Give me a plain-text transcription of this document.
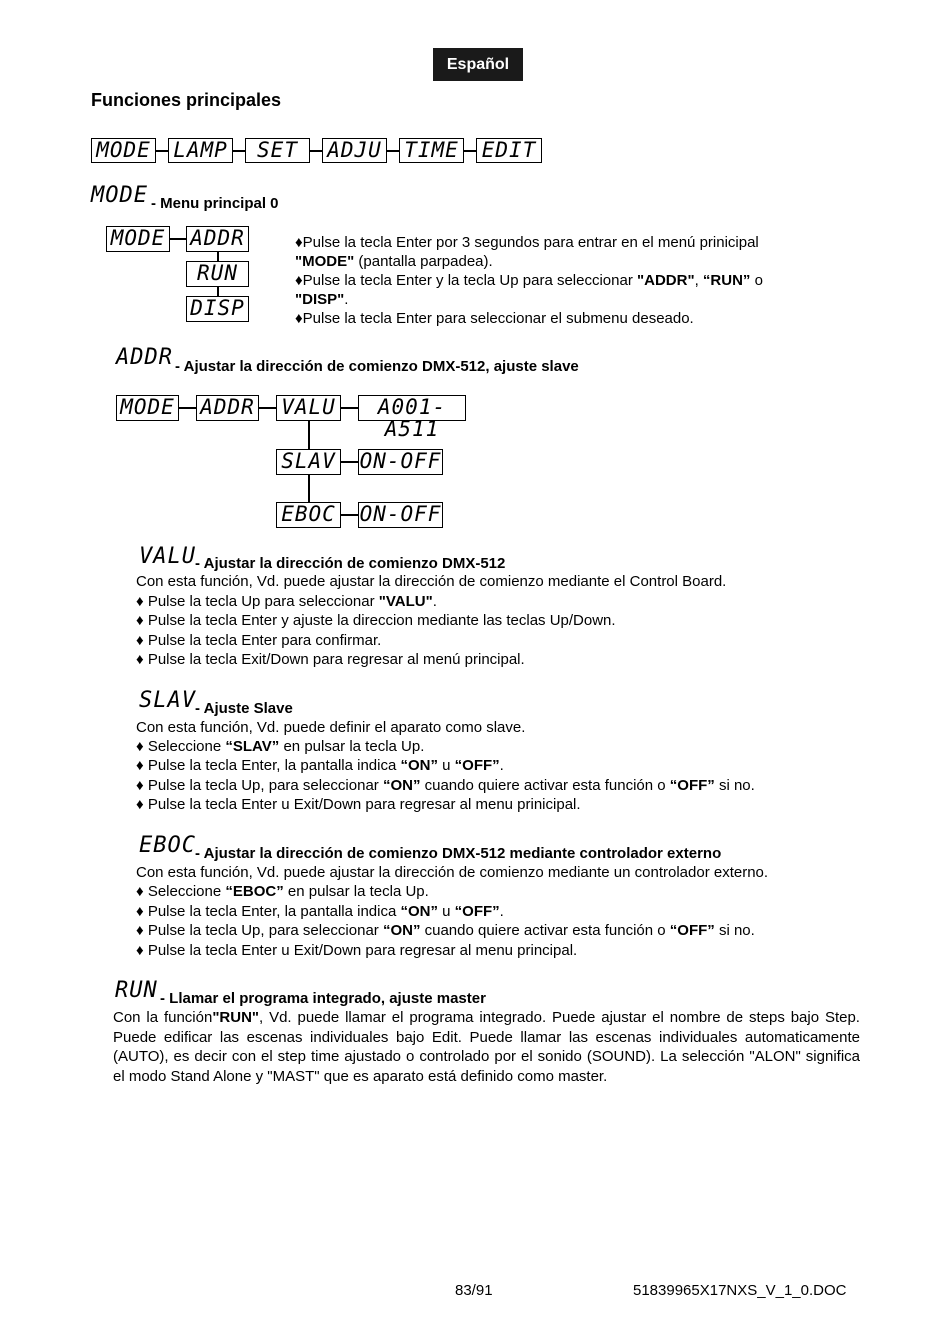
Español
Funciones principales
MODE LAMP	SET	ADJU TIME EDIT
MODE - Menu principal 0
MODE ADDR
RUN
DISP
♦Pulse la tecla Enter por 3 segundos para entrar en el menú prinicipal
"MODE" (pantalla parpadea).
♦Pulse la tecla Enter y la tecla Up para seleccionar "ADDR", “RUN” o
"DISP".
♦Pulse la tecla Enter para seleccionar el submenu deseado.
ADDR - Ajustar la dirección de comienzo DMX-512, ajuste slave
MODE ADDR VALU	A001-A511
SLAV ON-OFF
EBOC ON-OFF
VALU - Ajustar la dirección de comienzo DMX-512
Con esta función, Vd. puede ajustar la dirección de comienzo mediante el Control Board.
♦ Pulse la tecla Up para seleccionar "VALU".
♦ Pulse la tecla Enter y ajuste la direccion mediante las teclas Up/Down.
♦ Pulse la tecla Enter para confirmar.
♦ Pulse la tecla Exit/Down para regresar al menú principal.
SLAV - Ajuste Slave
Con esta función, Vd. puede definir el aparato como slave.
♦ Seleccione “SLAV” en pulsar la tecla Up.
♦ Pulse la tecla Enter, la pantalla indica “ON” u “OFF”.
♦ Pulse la tecla Up, para seleccionar “ON” cuando quiere activar esta función o “OFF” si no.
♦ Pulse la tecla Enter u Exit/Down para regresar al menu prinicipal.
EBOC - Ajustar la dirección de comienzo DMX-512 mediante controlador externo
Con esta función, Vd. puede ajustar la dirección de comienzo mediante un controlador externo.
♦ Seleccione “EBOC” en pulsar la tecla Up.
♦ Pulse la tecla Enter, la pantalla indica “ON” u “OFF”.
♦ Pulse la tecla Up, para seleccionar “ON” cuando quiere activar esta función o “OFF” si no.
♦ Pulse la tecla Enter u Exit/Down para regresar al menu principal.
RUN - Llamar el programa integrado, ajuste master
Con la función"RUN", Vd. puede llamar el programa integrado. Puede ajustar el nombre de steps bajo Step. Puede edificar las escenas individuales bajo Edit. Puede llamar las escenas individuales automaticamente (AUTO), es decir con el step time ajustado o controlado por el sonido (SOUND). La selección "ALON" significa el modo Stand Alone y "MAST" que es aparato está definido como master.
83/91	51839965X17NXS_V_1_0.DOC
